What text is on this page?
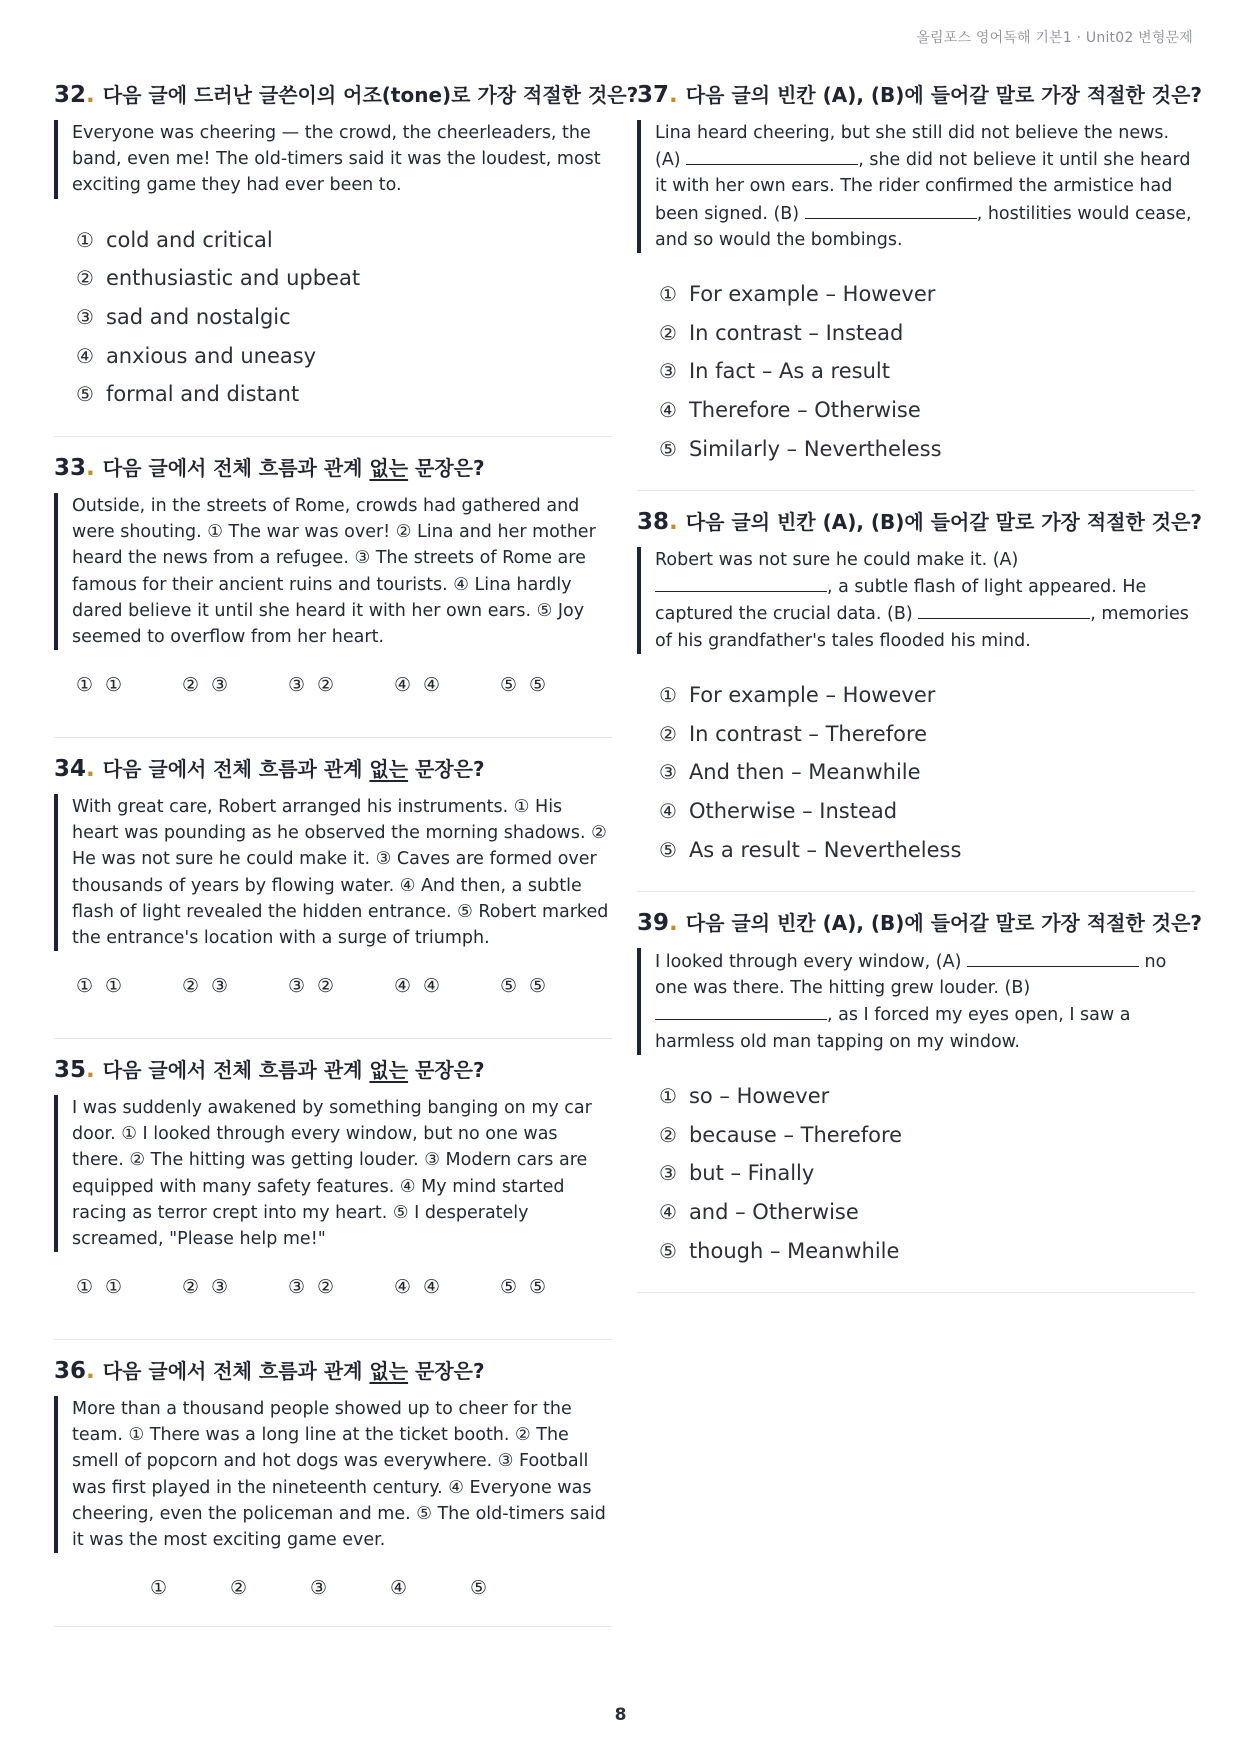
올림포스 영어독해 기본1 · Unit02 변형문제
32. 다음 글에 드러난 글쓴이의 어조(tone)로 가장 적절한 것은?
Everyone was cheering — the crowd, the cheerleaders, the band, even me! The old-timers said it was the loudest, most exciting game they had ever been to.
① cold and critical
② enthusiastic and upbeat
③ sad and nostalgic
④ anxious and uneasy
⑤ formal and distant
33. 다음 글에서 전체 흐름과 관계 없는 문장은?
Outside, in the streets of Rome, crowds had gathered and were shouting. ① The war was over! ② Lina and her mother heard the news from a refugee. ③ The streets of Rome are famous for their ancient ruins and tourists. ④ Lina hardly dared believe it until she heard it with her own ears. ⑤ Joy seemed to overflow from her heart.
① ①	② ③	③ ②	④ ④	⑤ ⑤
34. 다음 글에서 전체 흐름과 관계 없는 문장은?
With great care, Robert arranged his instruments. ① His heart was pounding as he observed the morning shadows. ② He was not sure he could make it. ③ Caves are formed over thousands of years by flowing water. ④ And then, a subtle flash of light revealed the hidden entrance. ⑤ Robert marked the entrance's location with a surge of triumph.
① ①	② ③	③ ②	④ ④	⑤ ⑤
35. 다음 글에서 전체 흐름과 관계 없는 문장은?
I was suddenly awakened by something banging on my car door. ① I looked through every window, but no one was there. ② The hitting was getting louder. ③ Modern cars are equipped with many safety features. ④ My mind started racing as terror crept into my heart. ⑤ I desperately screamed, "Please help me!"
① ①	② ③	③ ②	④ ④	⑤ ⑤
36. 다음 글에서 전체 흐름과 관계 없는 문장은?
More than a thousand people showed up to cheer for the team. ① There was a long line at the ticket booth. ② The smell of popcorn and hot dogs was everywhere. ③ Football was first played in the nineteenth century. ④ Everyone was cheering, even the policeman and me. ⑤ The old-timers said it was the most exciting game ever.
①	②	③	④	⑤
37. 다음 글의 빈칸 (A), (B)에 들어갈 말로 가장 적절한 것은?
Lina heard cheering, but she still did not believe the news. (A)	, she did not believe it until she heard it with her own ears. The rider confirmed the armistice had been signed. (B)	, hostilities would cease, and so would the bombings.
① For example – However
② In contrast – Instead
③ In fact – As a result
④ Therefore – Otherwise
⑤ Similarly – Nevertheless
38. 다음 글의 빈칸 (A), (B)에 들어갈 말로 가장 적절한 것은?
Robert was not sure he could make it. (A) , a subtle flash of light appeared. He captured the crucial data. (B)	, memories of his grandfather's tales flooded his mind.
① For example – However
② In contrast – Therefore
③ And then – Meanwhile
④ Otherwise – Instead
⑤ As a result – Nevertheless
39. 다음 글의 빈칸 (A), (B)에 들어갈 말로 가장 적절한 것은?
I looked through every window, (A)	no one was there. The hitting grew louder. (B) , as I forced my eyes open, I saw a harmless old man tapping on my window.
① so – However
② because – Therefore
③ but – Finally
④ and – Otherwise
⑤ though – Meanwhile
8
